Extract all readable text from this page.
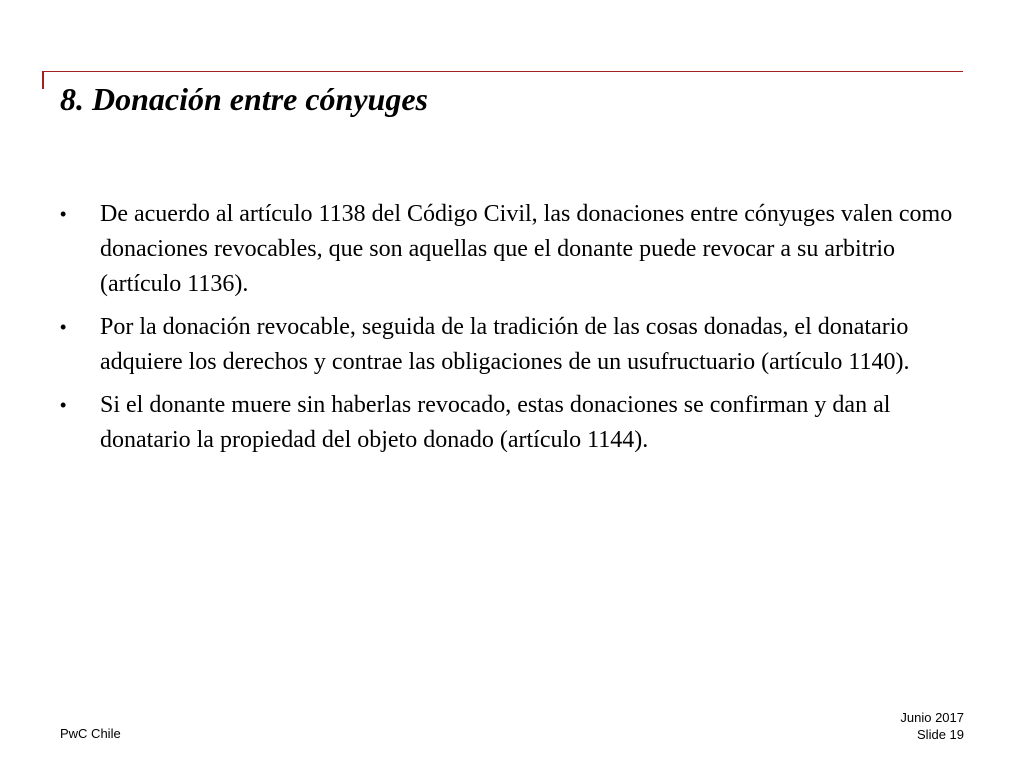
8. Donación entre cónyuges
• De acuerdo al artículo 1138 del Código Civil, las donaciones entre cónyuges valen como donaciones revocables, que son aquellas que el donante puede revocar a su arbitrio (artículo 1136).
• Por la donación revocable, seguida de la tradición de las cosas donadas, el donatario adquiere los derechos y contrae las obligaciones de un usufructuario (artículo 1140).
• Si el donante muere sin haberlas revocado, estas donaciones se confirman y dan al donatario la propiedad del objeto donado (artículo 1144).
PwC Chile
Junio 2017
Slide 19
